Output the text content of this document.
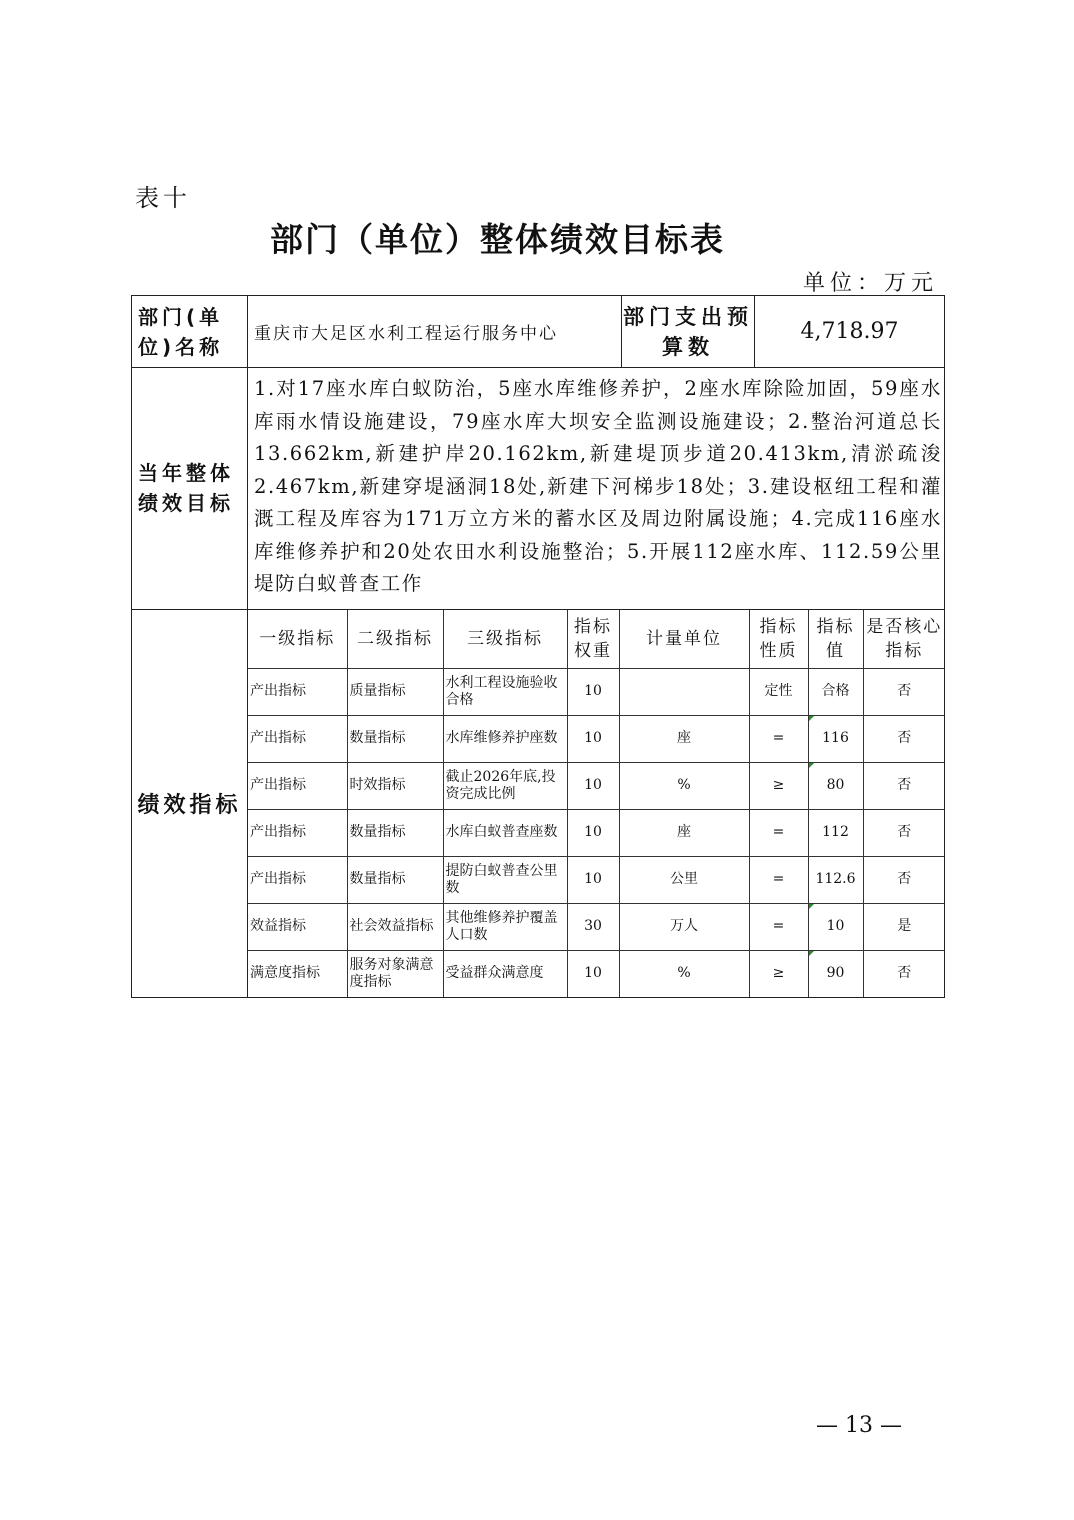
表十
部门（单位）整体绩效目标表
单位：万元
部门(单位)名称	重庆市大足区水利工程运行服务中心	部门支出预算数	4,718.97
当年整体绩效目标	1.对17座水库白蚁防治，5座水库维修养护，2座水库除险加固，59座水库雨水情设施建设，79座水库大坝安全监测设施建设；2.整治河道总长13.662km,新建护岸20.162km,新建堤顶步道20.413km,清淤疏浚2.467km,新建穿堤涵洞18处,新建下河梯步18处；3.建设枢纽工程和灌溉工程及库容为171万立方米的蓄水区及周边附属设施；4.完成116座水库维修养护和20处农田水利设施整治；5.开展112座水库、112.59公里堤防白蚁普查工作
绩效指标	
一级指标	二级指标	三级指标	指标权重	计量单位	指标性质	指标值	是否核心指标
产出指标	质量指标	水利工程设施验收合格	10		定性	合格	否
产出指标	数量指标	水库维修养护座数	10	座	=	116	否
产出指标	时效指标	截止2026年底,投资完成比例	10	%	≥	80	否
产出指标	数量指标	水库白蚁普查座数	10	座	=	112	否
产出指标	数量指标	提防白蚁普查公里数	10	公里	=	112.6	否
效益指标	社会效益指标	其他维修养护覆盖人口数	30	万人	=	10	是
满意度指标	服务对象满意度指标	受益群众满意度	10	%	≥	90	否
— 13 —
